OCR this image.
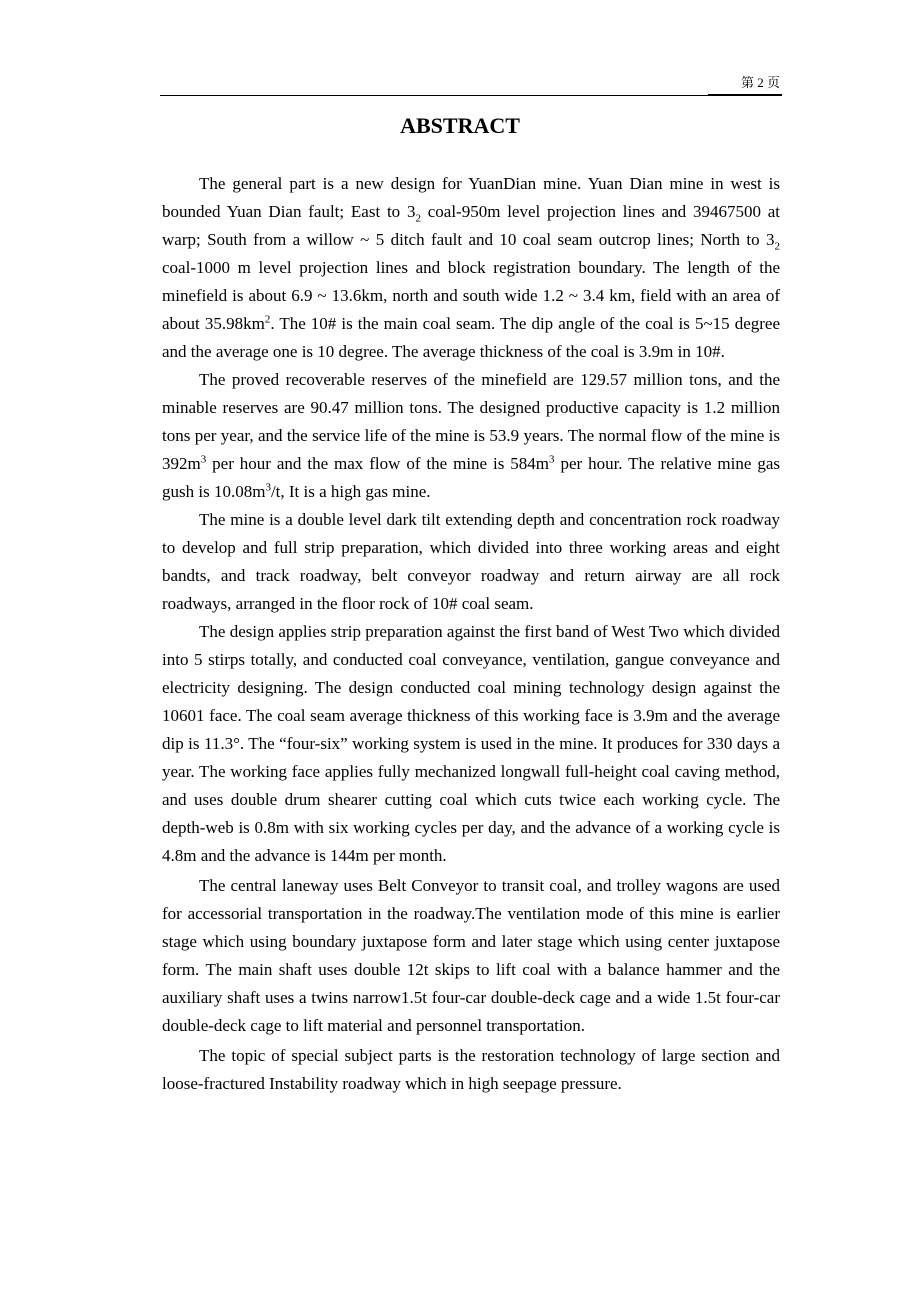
第 2 页
ABSTRACT

The general part is a new design for YuanDian mine. Yuan Dian mine in west is bounded Yuan Dian fault; East to $3_2$ coal-950m level projection lines and 39467500 at warp; South from a willow ~ 5 ditch fault and 10 coal seam outcrop lines; North to $3_2$ coal-1000 m level projection lines and block registration boundary. The length of the minefield is about 6.9 ~ 13.6km, north and south wide 1.2 ~ 3.4 km, field with an area of about $35.98km^2$. The 10# is the main coal seam. The dip angle of the coal is 5~15 degree and the average one is 10 degree. The average thickness of the coal is 3.9m in 10#.

The proved recoverable reserves of the minefield are 129.57 million tons, and the minable reserves are 90.47 million tons. The designed productive capacity is 1.2 million tons per year, and the service life of the mine is 53.9 years. The normal flow of the mine is $392m^3$ per hour and the max flow of the mine is $584m^3$ per hour. The relative mine gas gush is $10.08m^3/t$, It is a high gas mine.

The mine is a double level dark tilt extending depth and concentration rock roadway to develop and full strip preparation, which divided into three working areas and eight bandts, and track roadway, belt conveyor roadway and return airway are all rock roadways, arranged in the floor rock of 10# coal seam.

The design applies strip preparation against the first band of West Two which divided into 5 stirps totally, and conducted coal conveyance, ventilation, gangue conveyance and electricity designing. The design conducted coal mining technology design against the 10601 face. The coal seam average thickness of this working face is 3.9m and the average dip is 11.3°. The “four-six” working system is used in the mine. It produces for 330 days a year. The working face applies fully mechanized longwall full-height coal caving method, and uses double drum shearer cutting coal which cuts twice each working cycle. The depth-web is 0.8m with six working cycles per day, and the advance of a working cycle is 4.8m and the advance is 144m per month.

The central laneway uses Belt Conveyor to transit coal, and trolley wagons are used for accessorial transportation in the roadway.The ventilation mode of this mine is earlier stage which using boundary juxtapose form and later stage which using center juxtapose form. The main shaft uses double 12t skips to lift coal with a balance hammer and the auxiliary shaft uses a twins narrow1.5t four-car double-deck cage and a wide 1.5t four-car double-deck cage to lift material and personnel transportation.

The topic of special subject parts is the restoration technology of large section and loose-fractured Instability roadway which in high seepage pressure.
